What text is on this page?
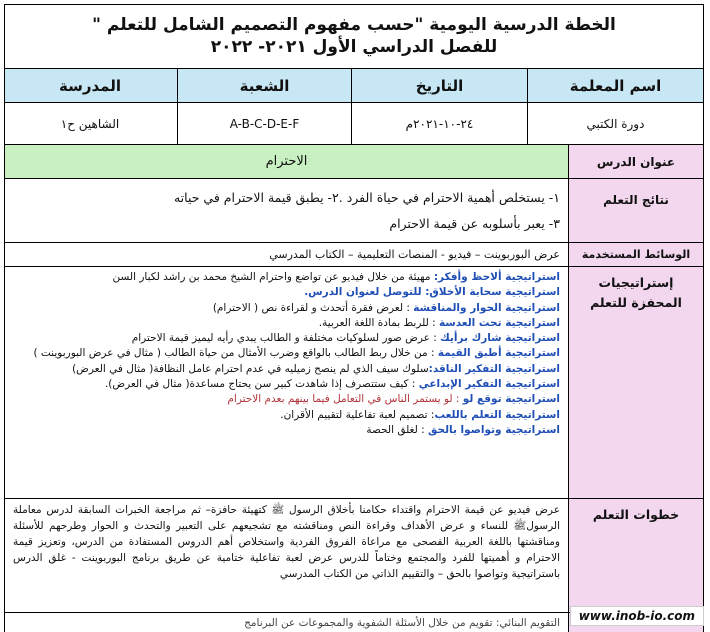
الخطة الدرسية اليومية "حسب مفهوم التصميم الشامل للتعلم "
للفصل الدراسي الأول ٢٠٢١- ٢٠٢٢
اسم المعلمة
التاريخ
الشعبة
المدرسة
دورة الكتبي
٢٤-١٠-٢٠٢١م
A-B-C-D-E-F
الشاهين ح١
عنوان الدرس
الاحترام
نتائج التعلم
١- يستخلص أهمية الاحترام في حياة الفرد .٢- يطبق قيمة الاحترام في حياته
٣- يعبر بأسلوبه عن قيمة الاحترام
الوسائط المستخدمة
عرض البوربوينت – فيديو - المنصات التعليمية – الكتاب المدرسي
إستراتيجيات المحفزة للتعلم
استراتيجية ألاحظ وأفكر: مهيئة من خلال فيديو عن تواضع واحترام الشيخ محمد بن راشد لكبار السن
استراتيجية سحابة الأخلاق: للتوصل لعنوان الدرس.
استراتيجية الحوار والمناقشة : لعرض فقرة أتحدث و لقراءة نص ( الاحترام)
استراتيجية تحت العدسة : للربط بمادة اللغة العربية.
استراتيجية شارك برأيك : عرض صور لسلوكيات مختلفة و الطالب يبدي رأيه ليميز قيمة الاحترام
استراتيجية أطبق القيمة : من خلال ربط الطالب بالواقع وضرب الأمثال من حياة الطالب ( مثال في عرض البوربوينت )
استراتيجية التفكير الناقد:سلوك سيف الذي لم ينصح زميليه في عدم احترام عامل النظافة( مثال في العرض)
استراتيجية التفكير الإبداعي : كيف ستتصرف إذا شاهدت كبير سن يحتاج مساعدة( مثال في العرض).
استراتيجية توقع لو : لو يستمر الناس في التعامل فيما بينهم بعدم الاحترام
استراتيجية التعلم باللعب: تصميم لعبة تفاعلية لتقييم الأقران.
استراتيجية وتواصوا بالحق : لغلق الحصة
خطوات التعلم
عرض فيديو عن قيمة الاحترام واقتداء حكامنا بأخلاق الرسول ﷺ كتهيئة حافزة– ثم مراجعة الخبرات السابقة لدرس معاملة الرسولﷺ للنساء و عرض الأهداف وقراءة النص ومناقشته مع تشجيعهم على التعبير والتحدث و الحوار وطرحهم للأسئلة ومناقشتها باللغة العربية الفصحى مع مراعاة الفروق الفردية واستخلاص أهم الدروس المستفادة من الدرس، وتعزيز قيمة الاحترام و أهميتها للفرد والمجتمع وختاماً للدرس عرض لعبة تفاعلية ختامية عن طريق برنامج البوربوينت - غلق الدرس باستراتيجية وتواصوا بالحق – والتقييم الذاتي من الكتاب المدرسي
التقويم البنائي: تقويم من خلال الأسئلة الشفوية والمجموعات عن البرنامج	www.inob-io.com
